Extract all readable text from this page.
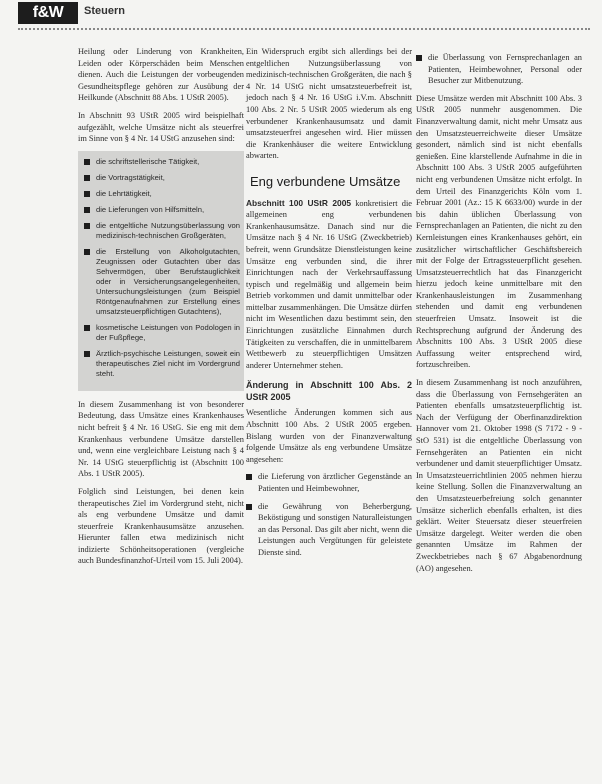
f&W	Steuern

Heilung oder Linderung von Krankheiten, Leiden oder Körperschäden beim Menschen dienen. Auch die Leistungen der vorbeugenden Gesundheitspflege gehören zur Ausübung der Heilkunde (Abschnitt 88 Abs. 1 UStR 2005).

In Abschnitt 93 UStR 2005 wird beispielhaft aufgezählt, welche Umsätze nicht als steuerfrei im Sinne von § 4 Nr. 14 UStG anzusehen sind:

die schriftstellerische Tätigkeit,
die Vortragstätigkeit,
die Lehrtätigkeit,
die Lieferungen von Hilfsmitteln,
die entgeltliche Nutzungsüberlassung von medizinisch-technischen Großgeräten,
die Erstellung von Alkoholgutachten, Zeugnissen oder Gutachten über das Sehvermögen, über Berufstauglichkeit oder in Versicherungsangelegenheiten, Untersuchungsleistungen (zum Beispiel Röntgenaufnahmen zur Erstellung eines umsatzsteuerpflichtigen Gutachtens),
kosmetische Leistungen von Podologen in der Fußpflege,
Ärztlich-psychische Leistungen, soweit ein therapeutisches Ziel nicht im Vordergrund steht.

In diesem Zusammenhang ist von besonderer Bedeutung, dass Umsätze eines Krankenhauses nicht befreit § 4 Nr. 16 UStG. Sie eng mit dem Krankenhaus verbundene Umsätze darstellen und, wenn eine vergleichbare Leistung nach § 4 Nr. 14 UStG steuerpflichtig ist (Abschnitt 100 Abs. 1 UStR 2005).

Folglich sind Leistungen, bei denen kein therapeutisches Ziel im Vordergrund steht, nicht als eng verbundene Umsätze und damit steuerfreie Krankenhausumsätze anzusehen. Hierunter fallen etwa medizinisch nicht indizierte Schönheitsoperationen (vergleiche auch Bundesfinanzhof-Urteil vom 15. Juli 2004).

Ein Widerspruch ergibt sich allerdings bei der entgeltlichen Nutzungsüberlassung von medizinisch-technischen Großgeräten, die nach § 4 Nr. 14 UStG nicht umsatzsteuerbefreit ist, jedoch nach § 4 Nr. 16 UStG i.V.m. Abschnitt 100 Abs. 2 Nr. 5 UStR 2005 wiederum als eng verbundener Krankenhausumsatz und damit umsatzsteuerfrei angesehen wird. Hier müssen die Krankenhäuser die weitere Entwicklung abwarten.

Eng verbundene Umsätze

Abschnitt 100 UStR 2005 konkretisiert die allgemeinen eng verbundenen Krankenhausumsätze. Danach sind nur die Umsätze nach § 4 Nr. 16 UStG (Zweckbetrieb) befreit, wenn Grundsätze Dienstleistungen keine Umsätze eng verbunden sind, die ihrer Einrichtungen nach der Verkehrsauffassung typisch und regelmäßig und allgemein beim Betrieb vorkommen und damit unmittelbar oder mittelbar zusammenhängen. Die Umsätze dürfen nicht im Wesentlichen dazu bestimmt sein, den Einrichtungen zusätzliche Einnahmen durch Tätigkeiten zu verschaffen, die in unmittelbarem Wettbewerb zu steuerpflichtigen Umsätzen anderer Unternehmer stehen.

Änderung in Abschnitt 100 Abs. 2 UStR 2005

Wesentliche Änderungen kommen sich aus Abschnitt 100 Abs. 2 UStR 2005 ergeben. Bislang wurden von der Finanzverwaltung folgende Umsätze als eng verbundene Umsätze angesehen:

die Lieferung von ärztlicher Gegenstände an Patienten und Heimbewohner,
die Gewährung von Beherbergung, Beköstigung und sonstigen Naturalleistungen an das Personal. Das gilt aber nicht, wenn die Leistungen auch Vergütungen für geleistete Dienste sind.
die Überlassung von Fernsprechanlagen an Patienten, Heimbewohner, Personal oder Besucher zur Mitbenutzung.

Diese Umsätze werden mit Abschnitt 100 Abs. 3 UStR 2005 nunmehr ausgenommen. Die Finanzverwaltung damit, nicht mehr Umsatz aus den Umsatzsteuerreichweite dieser Umsätze gesondert, nämlich sind ist nicht ebenfalls genießen. Eine klarstellende Aufnahme in die in Abschnitt 100 Abs. 3 UStR 2005 aufgeführten nicht eng verbundenen Umsätze nicht erfolgt. In dem Urteil des Finanzgerichts Köln vom 1. Februar 2001 (Az.: 15 K 6633/00) wurde in der bis dahin üblichen Überlassung von Fernsprechanlagen an Patienten, die nicht zu den Kernleistungen eines Krankenhauses gehört, ein zusätzlicher wirtschaftlicher Geschäftsbereich mit der Folge der Ertragssteuerpflicht gesehen. Umsatzsteuerrechtlich hat das Finanzgericht hierzu jedoch keine unmittelbare mit den Krankenhausleistungen im Zusammenhang stehenden und damit eng verbundenen steuerfreien Umsatz. Insoweit ist die Rechtsprechung aufgrund der Änderung des Abschnitts 100 Abs. 3 UStR 2005 diese Auffassung weiter entsprechend wird, fortzuschreiben.

In diesem Zusammenhang ist noch anzuführen, dass die Überlassung von Fernsehgeräten an Patienten ebenfalls umsatzsteuerpflichtig ist. Nach der Verfügung der Oberfinanzdirektion Hannover vom 21. Oktober 1998 (S 7172 - 9 - StO 531) ist die entgeltliche Überlassung von Fernsehgeräten an Patienten ein nicht verbundener und damit steuerpflichtiger Umsatz. In Umsatzsteuerrichtlinien 2005 nehmen hierzu keine Stellung. Sollen die Finanzverwaltung an den Umsatzsteuerbefreiung solch genannter Umsätze sicherlich ebenfalls erhalten, ist dies geklärt. Weiter Steuersatz dieser steuerfreien Umsätze dargelegt. Weiter werden die oben genannten Umsätze im Rahmen der Zweckbetriebes nach § 67 Abgabenordnung (AO) angesehen.
